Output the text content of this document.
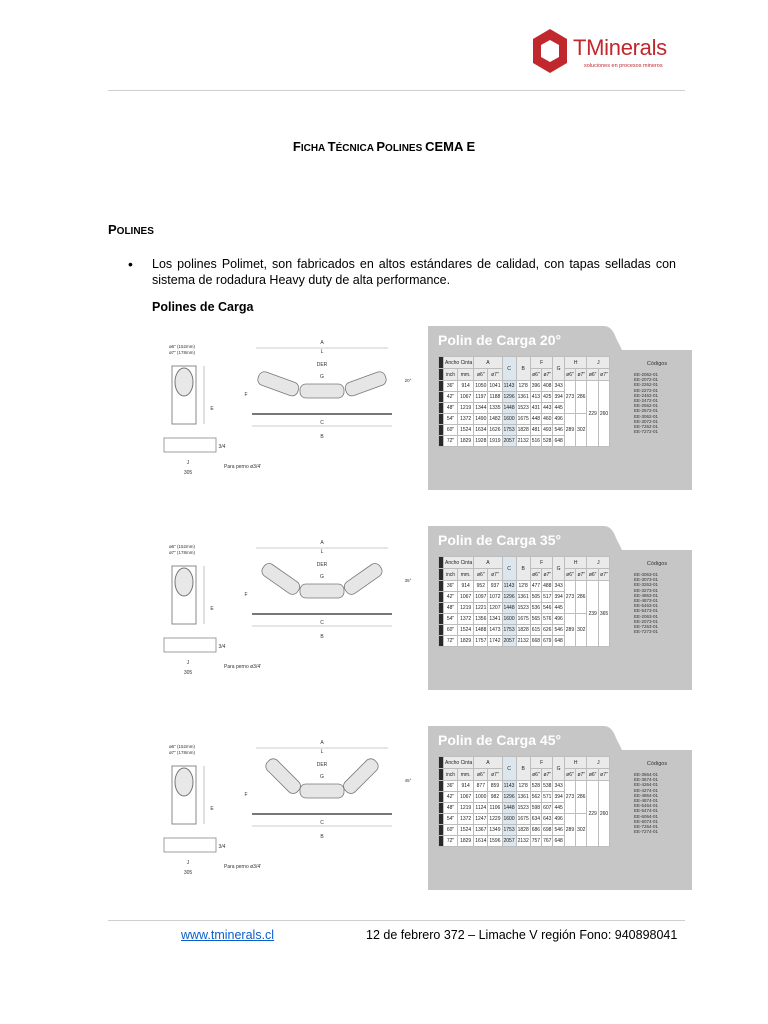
TMinerals
soluciones en procesos mineros
FICHA TÉCNICA POLINES CEMA E
POLINES
• Los polines Polimet, son fabricados en altos estándares de calidad, con tapas selladas con sistema de rodadura Heavy duty de alta performance.
Polines de Carga
ø6" (152mm)
ø7" (178mm)
E
J
305
3/4
A
L
DER
G
C
B
F
20°
Para perno ø3/4'
Polin de Carga 20°
	Ancho Cinta		A		C	B	F		G	H		J	
	inch	mm.	ø6"	ø7"			ø6"	ø7"		ø6"	ø7"	ø6"	ø7"
	36"	914	1050	1041	1143	12'8	396	408	343	273	286	229	260
	42"	1067	1197	1188	1296	1361	413	425	394				
	48"	1219	1344	1335	1448	1523	431	443	445				
	54"	1372	1490	1482	1600	1675	448	460	496	289	302		
	60"	1524	1634	1626	1753	1828	481	493	546				
	72"	1829	1928	1919	2057	2132	516	528	648				
Códigos
EE-2062-01
EE-2072-01
EE-2262-01
EE-2272-01
EE-2462-01
EE-2472-01
EE-2562-01
EE-2572-01
EE-3062-01
EE-3072-01
EE-7262-01
EE-7272-01
ø6" (152mm)
ø7" (178mm)
E
J
305
3/4
A
L
DER
G
C
B
F
35°
Para perno ø3/4'
Polin de Carga 35°
	Ancho Cinta		A		C	B	F		G	H		J	
	inch	mm.	ø6"	ø7"			ø6"	ø7"		ø6"	ø7"	ø6"	ø7"
	36"	914	952	937	1143	12'8	477	488	343	273	286	239	365
	42"	1067	1097	1072	1296	1361	505	517	394				
	48"	1219	1221	1207	1448	1523	536	546	445				
	54"	1372	1356	1341	1600	1675	565	576	496	289	302		
	60"	1524	1488	1473	1753	1828	615	626	546				
	72"	1829	1757	1742	2057	2132	668	679	648				
Códigos
EE-3063-01
EE-3073-01
EE-3263-01
EE-3273-01
EE-4863-01
EE-4873-01
EE-5463-01
EE-5473-01
EE-2063-01
EE-2073-01
EE-7263-01
EE-7273-01
ø6" (152mm)
ø7" (178mm)
E
J
305
3/4
A
L
DER
G
C
B
F
45°
Para perno ø3/4'
Polin de Carga 45°
	Ancho Cinta		A		C	B	F		G	H		J	
	inch	mm.	ø6"	ø7"			ø6"	ø7"		ø6"	ø7"	ø6"	ø7"
	36"	914	877	859	1143	12'8	528	538	343	273	286	229	260
	42"	1067	1000	982	1296	1361	562	571	394				
	48"	1219	1124	1106	1448	1523	598	607	445				
	54"	1372	1247	1229	1600	1675	634	643	496	289	302		
	60"	1524	1367	1349	1753	1828	686	698	546				
	72"	1829	1614	1596	2057	2132	757	767	648				
Códigos
EE-3664-01
EE-3674-01
EE-4264-01
EE-4274-01
EE-4864-01
EE-4874-01
EE-5464-01
EE-5474-01
EE-6064-01
EE-6074-01
EE-7264-01
EE-7274-01
www.tminerals.cl	12 de febrero 372 – Limache V región Fono: 940898041
